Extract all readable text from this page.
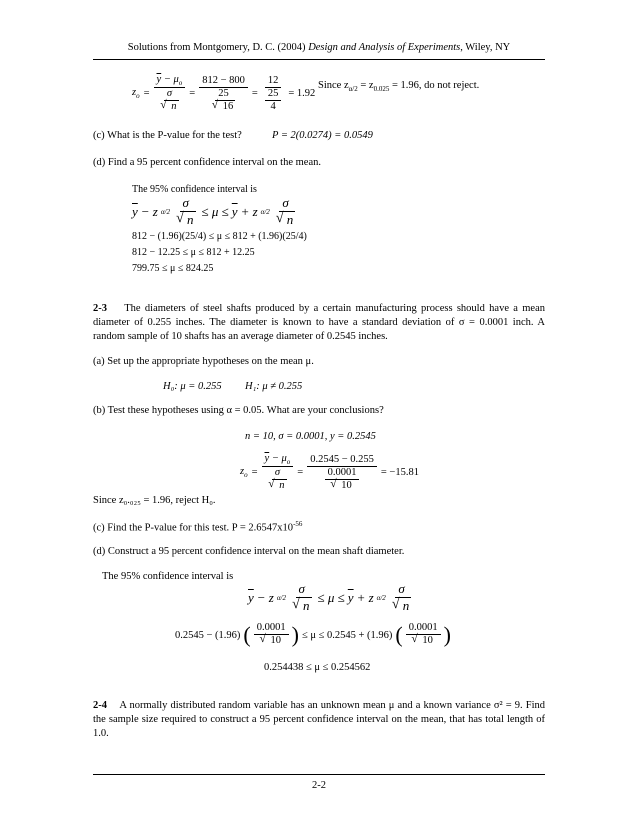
Solutions from Montgomery, D. C. (2004) Design and Analysis of Experiments, Wiley, NY
$z_o = \overline{y} - \mu_o$
σ
√ n = 812 − 800
25
√ $16 = \frac{12}{\frac{25}{4}} = 1.92$
Since $z_{\alpha/2} = z_{0.025} = 1.96$, do not reject.
(c) What is the P-value for the test?	P = 2(0.0274) = 0.0549
(d) Find a 95 percent confidence interval on the mean.
The 95% confidence interval is
$\overline{y} - z$ α/2 σ
√ $n \le \mu \le \overline{y} + z$ α/2 σ
√ n
812 − (1.96)(25/4) ≤ μ ≤ 812 + (1.96)(25/4)
812 − 12.25 ≤ μ ≤ 812 + 12.25
799.75 ≤ μ ≤ 824.25
2-3 The diameters of steel shafts produced by a certain manufacturing process should have a mean diameter of 0.255 inches. The diameter is known to have a standard deviation of σ = 0.0001 inch. A random sample of 10 shafts has an average diameter of 0.2545 inches.
(a) Set up the appropriate hypotheses on the mean μ.
H₀: μ = 0.255 H₁: μ ≠ 0.255
(b) Test these hypotheses using α = 0.05. What are your conclusions?
n = 10, σ = 0.0001, y = 0.2545
$z_o = \overline{y} - \mu_o$
σ
√ n = 0.2545 − 0.255
0.0001
√ 10 = −15.81
Since z₀.₀₂₅ = 1.96, reject H₀.
(c) Find the P-value for this test. $P = 2.6547x10^{-56}$
(d) Construct a 95 percent confidence interval on the mean shaft diameter.
The 95% confidence interval is
$\overline{y} - z$ α/2 σ
√ $n \le \mu \le \overline{y} + z$ α/2 σ
√ n
0.2545 − (1.96) ( 0.0001
√ 10 ) ≤ μ ≤ 0.2545 + (1.96) ( 0.0001
√ 10 )
0.254438 ≤ μ ≤ 0.254562
2-4 A normally distributed random variable has an unknown mean μ and a known variance σ² = 9. Find the sample size required to construct a 95 percent confidence interval on the mean, that has total length of 1.0.
2-2
